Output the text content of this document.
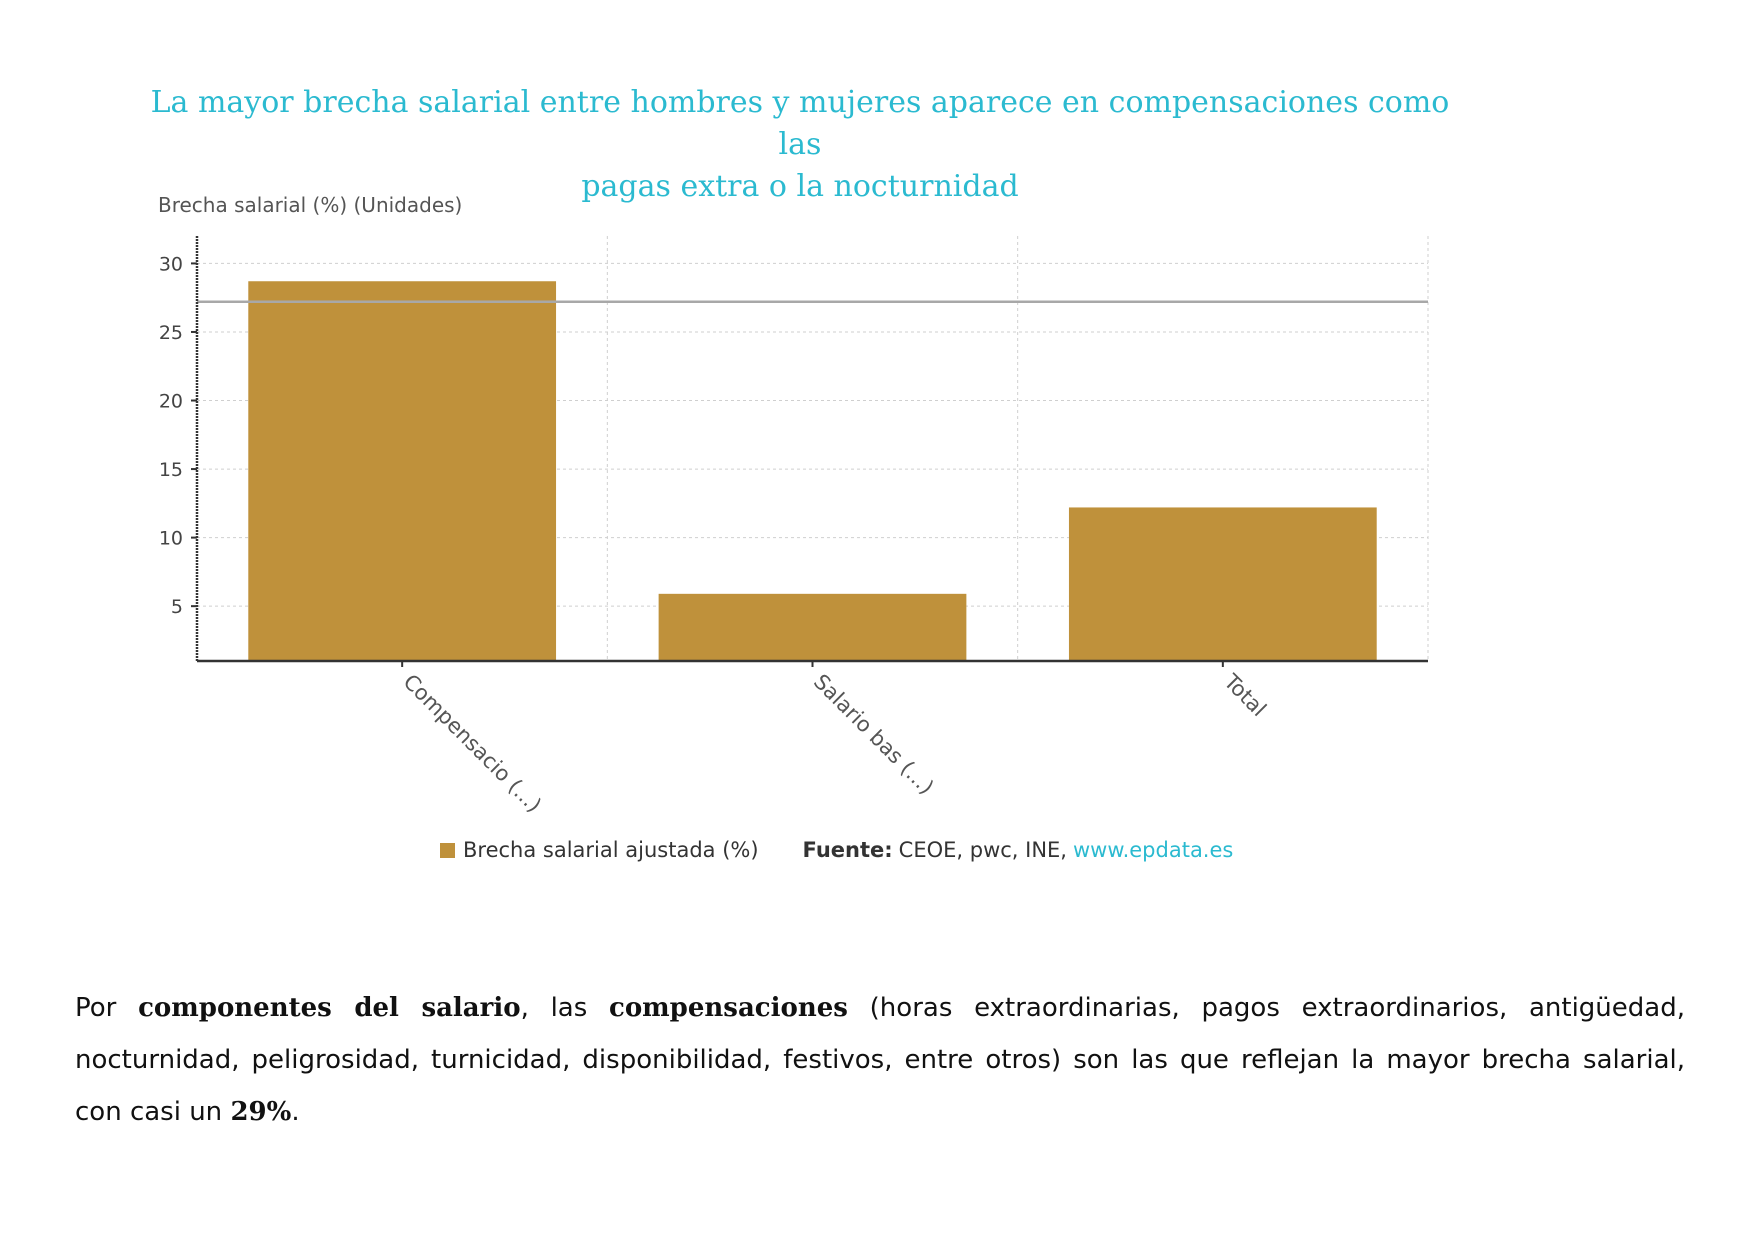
La mayor brecha salarial entre hombres y mujeres aparece en compensaciones como las
pagas extra o la nocturnidad
Brecha salarial (%) (Unidades)
5
10
15
20
25
30
Compensacio (...)	Salario bas (...)	Total
Brecha salarial ajustada (%) Fuente: CEOE, pwc, INE, www.epdata.es
Por componentes del salario, las compensaciones (horas extraordinarias, pagos extraordinarios, antigüedad, nocturnidad, peligrosidad, turnicidad, disponibilidad, festivos, entre otros) son las que reflejan la mayor brecha salarial, con casi un 29%.
